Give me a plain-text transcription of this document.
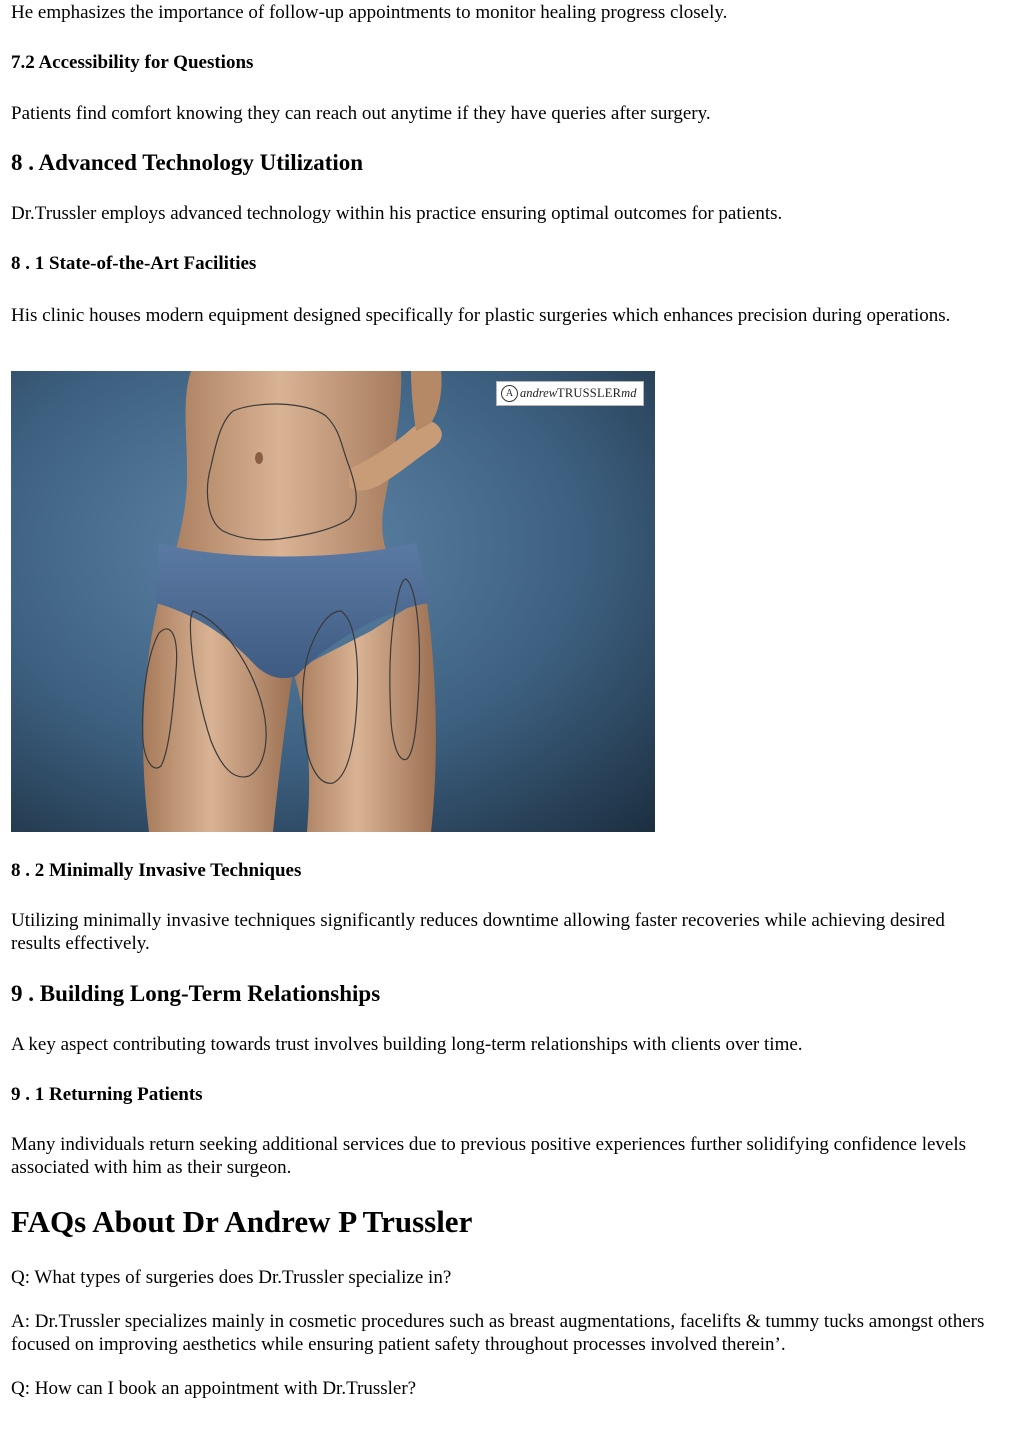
He emphasizes the importance of follow-up appointments to monitor healing progress closely.

7.2 Accessibility for Questions

Patients find comfort knowing they can reach out anytime if they have queries after surgery.

8 . Advanced Technology Utilization

Dr.Trussler employs advanced technology within his practice ensuring optimal outcomes for patients.

8 . 1 State-of-the-Art Facilities

His clinic houses modern equipment designed specifically for plastic surgeries which enhances precision during operations.

A andrewTRUSSLERmd

8 . 2 Minimally Invasive Techniques

Utilizing minimally invasive techniques significantly reduces downtime allowing faster recoveries while achieving desired results effectively.

9 . Building Long-Term Relationships

A key aspect contributing towards trust involves building long-term relationships with clients over time.

9 . 1 Returning Patients

Many individuals return seeking additional services due to previous positive experiences further solidifying confidence levels associated with him as their surgeon.

FAQs About Dr Andrew P Trussler

Q: What types of surgeries does Dr.Trussler specialize in?

A: Dr.Trussler specializes mainly in cosmetic procedures such as breast augmentations, facelifts & tummy tucks amongst others focused on improving aesthetics while ensuring patient safety throughout processes involved therein’.

Q: How can I book an appointment with Dr.Trussler?
